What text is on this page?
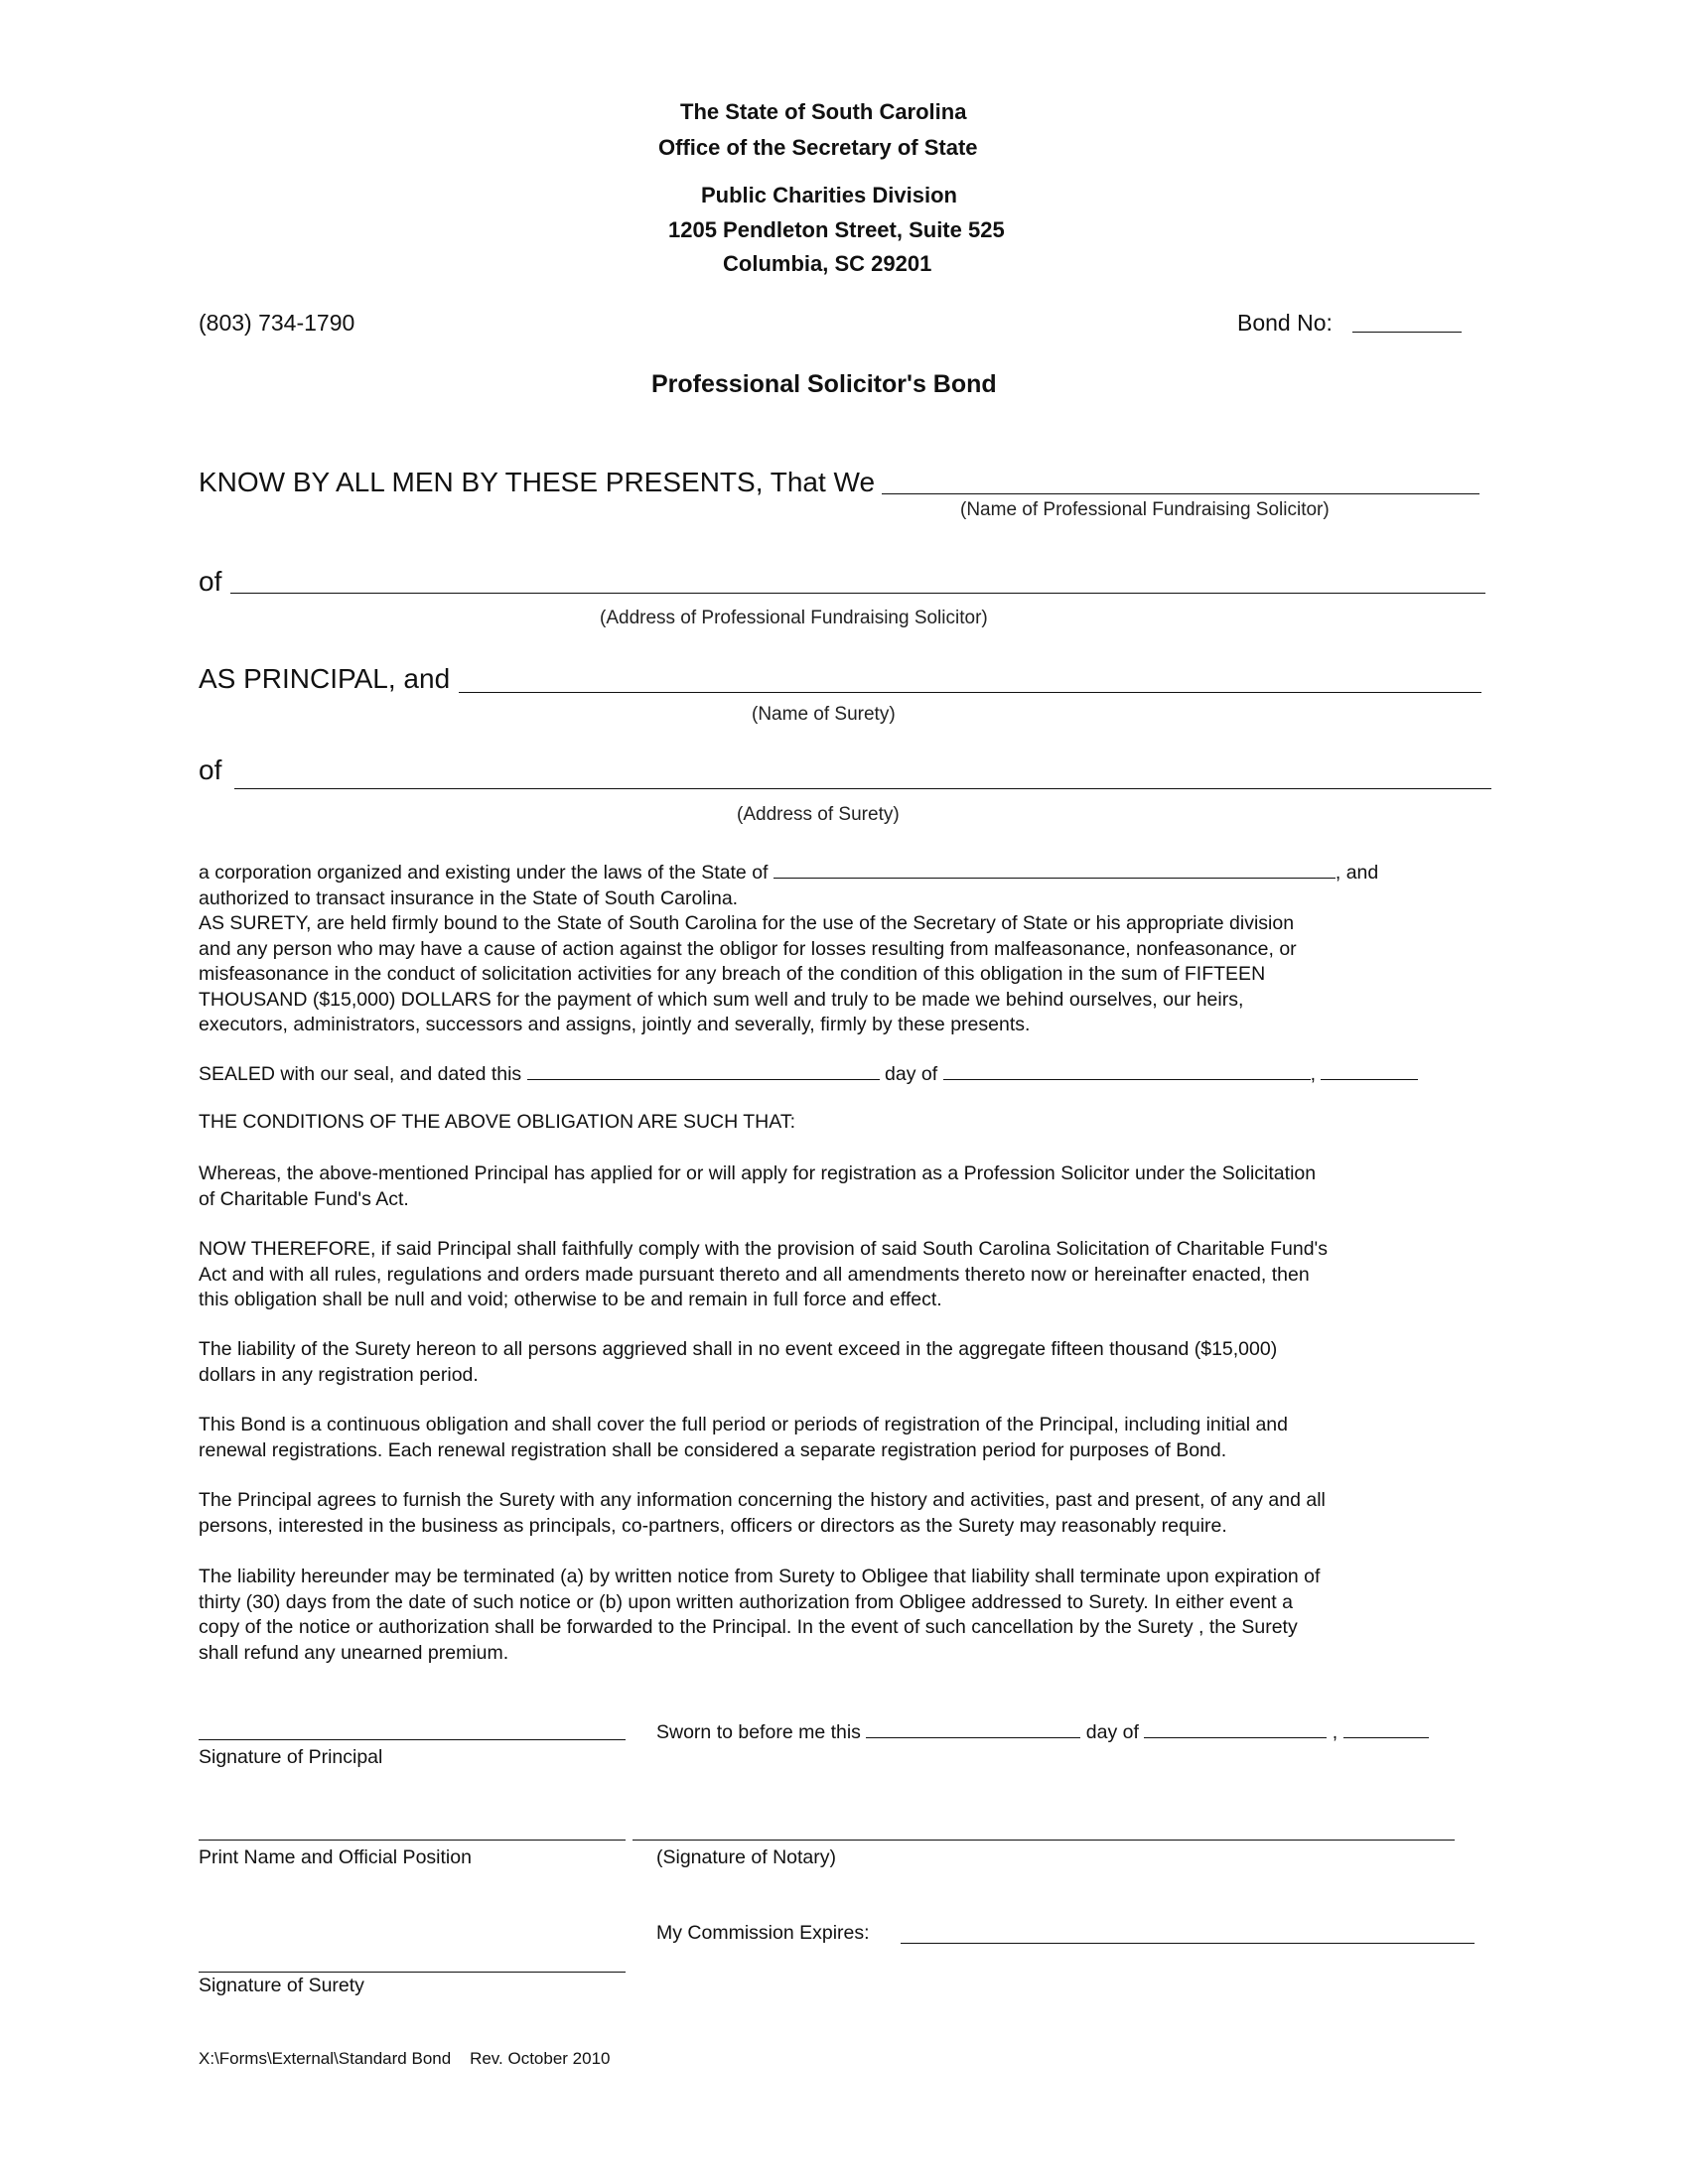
The State of South Carolina
Office of the Secretary of State
Public Charities Division
1205 Pendleton Street, Suite 525
Columbia, SC 29201
(803) 734-1790	Bond No:
Professional Solicitor's Bond
KNOW BY ALL MEN BY THESE PRESENTS, That We
(Name of Professional Fundraising Solicitor)
of
(Address of Professional Fundraising Solicitor)
AS PRINCIPAL, and
(Name of Surety)
of
(Address of Surety)
a corporation organized and existing under the laws of the State of	, and
authorized to transact insurance in the State of South Carolina.
AS SURETY, are held firmly bound to the State of South Carolina for the use of the Secretary of State or his appropriate division
and any person who may have a cause of action against the obligor for losses resulting from malfeasonance, nonfeasonance, or
misfeasonance in the conduct of solicitation activities for any breach of the condition of this obligation in the sum of FIFTEEN
THOUSAND ($15,000) DOLLARS for the payment of which sum well and truly to be made we behind ourselves, our heirs,
executors, administrators, successors and assigns, jointly and severally, firmly by these presents.
SEALED with our seal, and dated this	day of	,
THE CONDITIONS OF THE ABOVE OBLIGATION ARE SUCH THAT:
Whereas, the above-mentioned Principal has applied for or will apply for registration as a Profession Solicitor under the Solicitation
of Charitable Fund's Act.
NOW THEREFORE, if said Principal shall faithfully comply with the provision of said South Carolina Solicitation of Charitable Fund's
Act and with all rules, regulations and orders made pursuant thereto and all amendments thereto now or hereinafter enacted, then
this obligation shall be null and void; otherwise to be and remain in full force and effect.
The liability of the Surety hereon to all persons aggrieved shall in no event exceed in the aggregate fifteen thousand ($15,000)
dollars in any registration period.
This Bond is a continuous obligation and shall cover the full period or periods of registration of the Principal, including initial and
renewal registrations. Each renewal registration shall be considered a separate registration period for purposes of Bond.
The Principal agrees to furnish the Surety with any information concerning the history and activities, past and present, of any and all
persons, interested in the business as principals, co-partners, officers or directors as the Surety may reasonably require.
The liability hereunder may be terminated (a) by written notice from Surety to Obligee that liability shall terminate upon expiration of
thirty (30) days from the date of such notice or (b) upon written authorization from Obligee addressed to Surety. In either event a
copy of the notice or authorization shall be forwarded to the Principal. In the event of such cancellation by the Surety , the Surety
shall refund any unearned premium.
Signature of Principal
Sworn to before me this	day of	,
Print Name and Official Position	(Signature of Notary)
My Commission Expires:
Signature of Surety
X:\Forms\External\Standard Bond    Rev. October 2010
